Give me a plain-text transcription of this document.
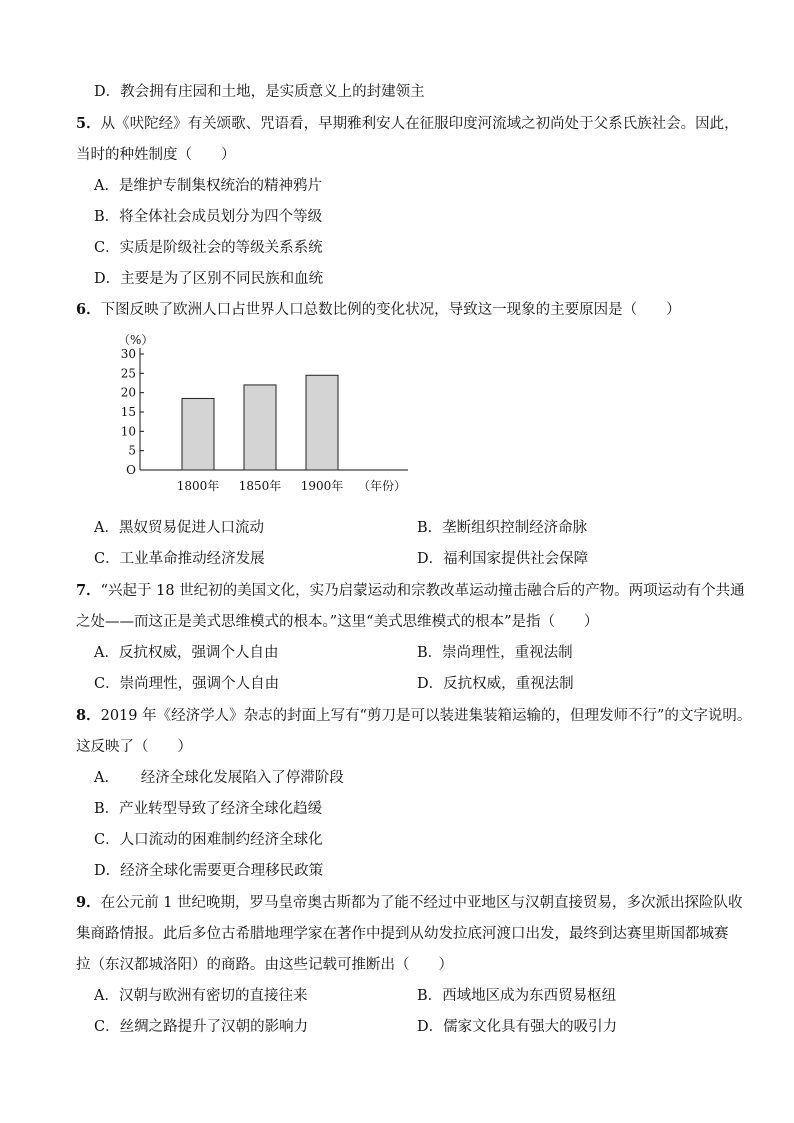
D．教会拥有庄园和土地，是实质意义上的封建领主
5．从《吠陀经》有关颂歌、咒语看，早期雅利安人在征服印度河流域之初尚处于父系氏族社会。因此，
当时的种姓制度（　　）
A．是维护专制集权统治的精神鸦片
B．将全体社会成员划分为四个等级
C．实质是阶级社会的等级关系系统
D．主要是为了区别不同民族和血统
6．下图反映了欧洲人口占世界人口总数比例的变化状况，导致这一现象的主要原因是（　　）
（%）
30
25
20
15
10
5
O
1800年 1850年 1900年 （年份）
A．黑奴贸易促进人口流动	B．垄断组织控制经济命脉
C．工业革命推动经济发展	D．福利国家提供社会保障
7．“兴起于 18 世纪初的美国文化，实乃启蒙运动和宗教改革运动撞击融合后的产物。两项运动有个共通
之处——而这正是美式思维模式的根本。”这里“美式思维模式的根本”是指（　　）
A．反抗权威，强调个人自由	B．崇尚理性，重视法制
C．崇尚理性，强调个人自由	D．反抗权威，重视法制
8．2019 年《经济学人》杂志的封面上写有“剪刀是可以装进集装箱运输的，但理发师不行”的文字说明。
这反映了（　　）
A．　　经济全球化发展陷入了停滞阶段
B．产业转型导致了经济全球化趋缓
C．人口流动的困难制约经济全球化
D．经济全球化需要更合理移民政策
9．在公元前 1 世纪晚期，罗马皇帝奥古斯都为了能不经过中亚地区与汉朝直接贸易，多次派出探险队收
集商路情报。此后多位古希腊地理学家在著作中提到从幼发拉底河渡口出发，最终到达赛里斯国都城赛
拉（东汉都城洛阳）的商路。由这些记载可推断出（　　）
A．汉朝与欧洲有密切的直接往来	B．西域地区成为东西贸易枢纽
C．丝绸之路提升了汉朝的影响力	D．儒家文化具有强大的吸引力
